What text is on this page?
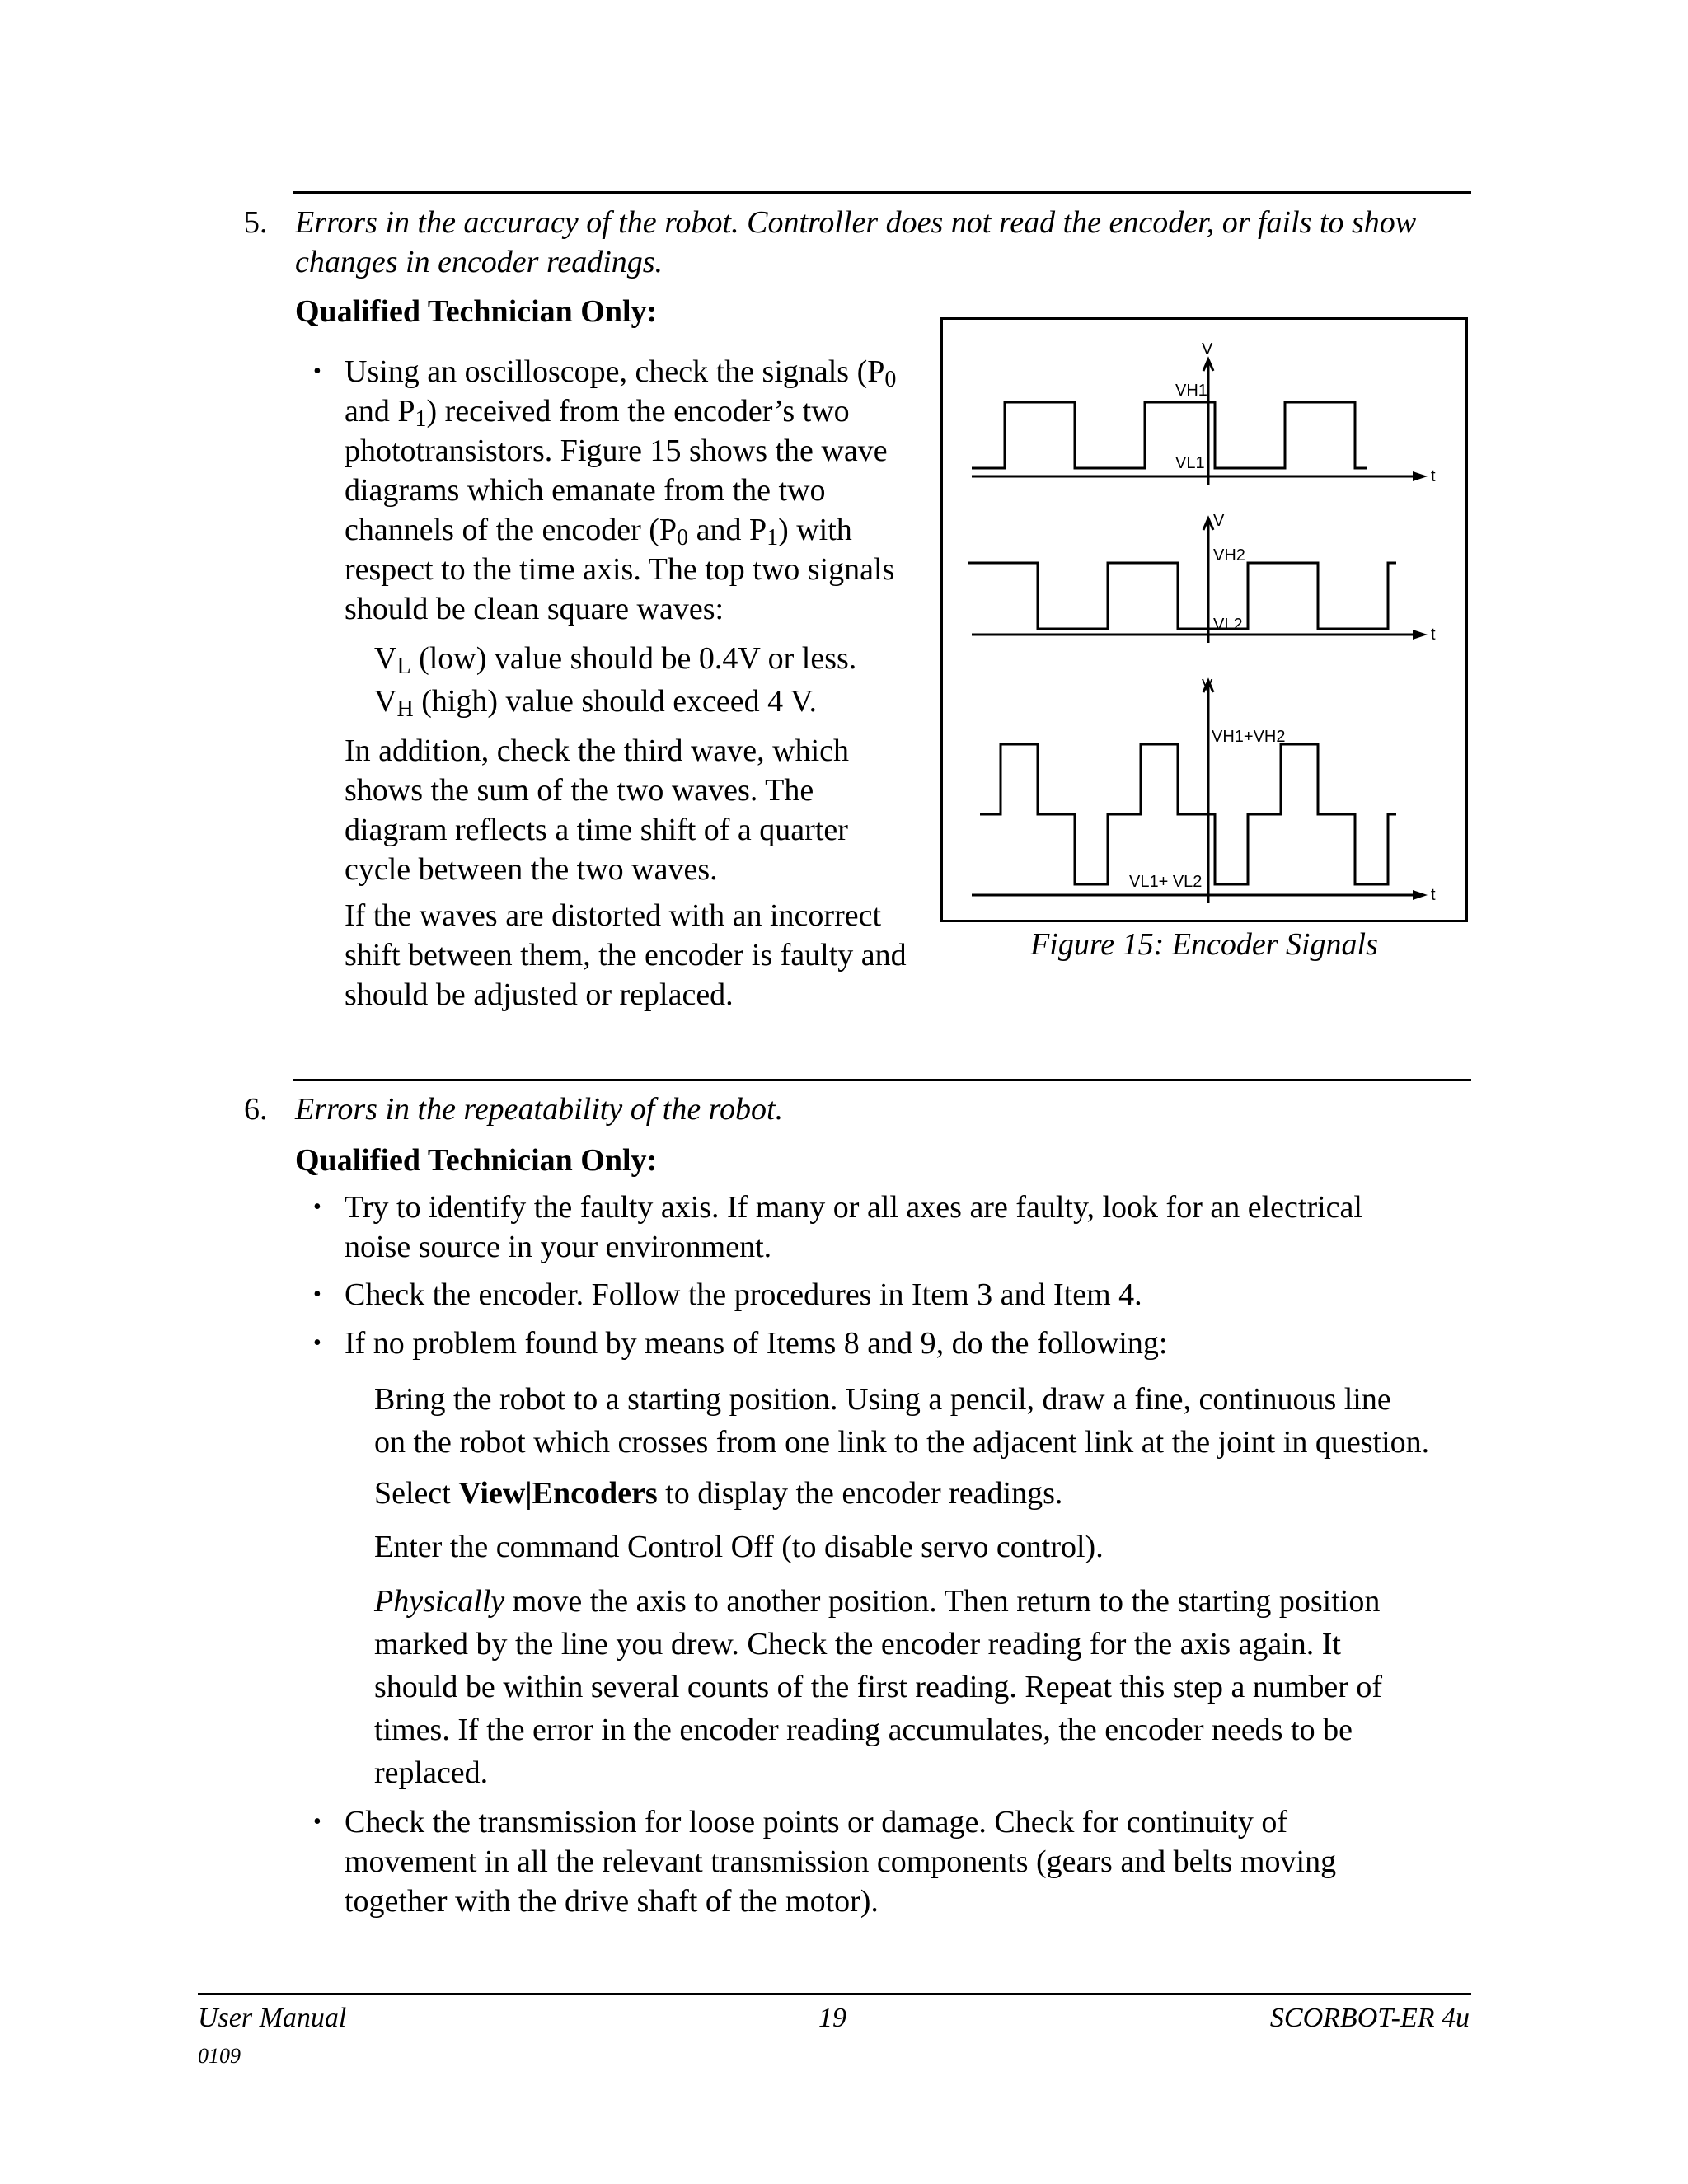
5. Errors in the accuracy of the robot. Controller does not read the encoder, or fails to show
changes in encoder readings.
Qualified Technician Only:
• Using an oscilloscope, check the signals ($P_0$
and $P_1$) received from the encoder’s two
phototransistors. Figure 15 shows the wave
diagrams which emanate from the two
channels of the encoder ($P_0$ and $P_1$) with
respect to the time axis. The top two signals
should be clean square waves:
VL (low) value should be 0.4V or less.
VH (high) value should exceed 4 V.
In addition, check the third wave, which
shows the sum of the two waves. The
diagram reflects a time shift of a quarter
cycle between the two waves.
If the waves are distorted with an incorrect
shift between them, the encoder is faulty and
should be adjusted or replaced.
V
t
VH1
VL1
V
t
VH2
VL2
V
t
VH1+VH2
VL1+ VL2
Figure 15: Encoder Signals
6. Errors in the repeatability of the robot.
Qualified Technician Only:
• Try to identify the faulty axis. If many or all axes are faulty, look for an electrical
noise source in your environment.
• Check the encoder. Follow the procedures in Item 3 and Item 4.
• If no problem found by means of Items 8 and 9, do the following:
Bring the robot to a starting position. Using a pencil, draw a fine, continuous line
on the robot which crosses from one link to the adjacent link at the joint in question.
Select View|Encoders to display the encoder readings.
Enter the command Control Off (to disable servo control).
Physically move the axis to another position. Then return to the starting position
marked by the line you drew. Check the encoder reading for the axis again. It
should be within several counts of the first reading. Repeat this step a number of
times. If the error in the encoder reading accumulates, the encoder needs to be
replaced.
• Check the transmission for loose points or damage. Check for continuity of
movement in all the relevant transmission components (gears and belts moving
together with the drive shaft of the motor).
User Manual	19	SCORBOT-ER 4u
0109
